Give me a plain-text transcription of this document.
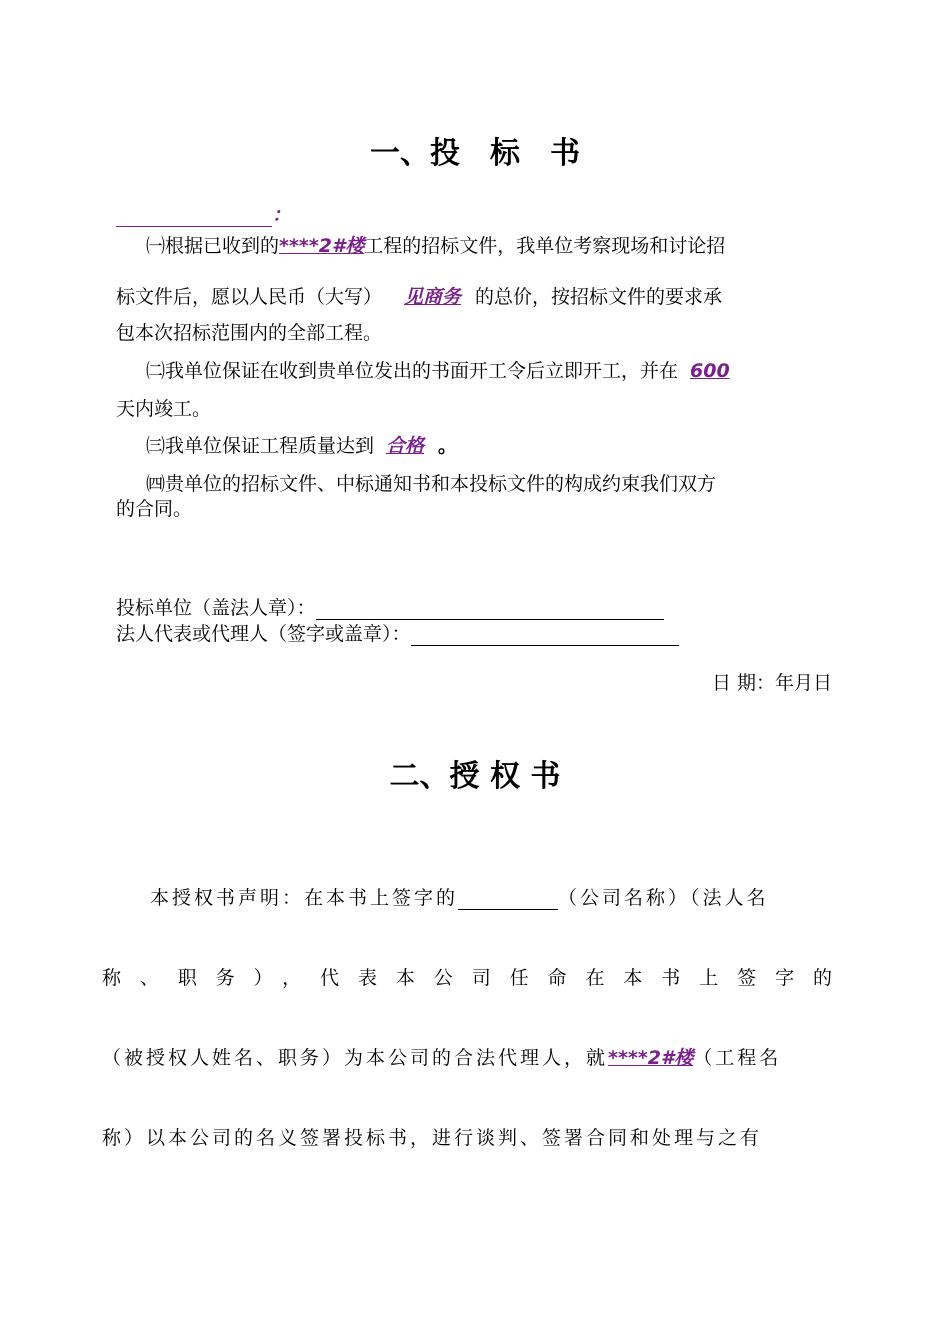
一、投　标　书
：
㈠根据已收到的****2#楼工程的招标文件，我单位考察现场和讨论招
标文件后，愿以人民币（大写） 见商务 的总价，按招标文件的要求承
包本次招标范围内的全部工程。
㈡我单位保证在收到贵单位发出的书面开工令后立即开工，并在 600
天内竣工。
㈢我单位保证工程质量达到 合格 。
㈣贵单位的招标文件、中标通知书和本投标文件的构成约束我们双方
的合同。
投标单位（盖法人章）：
法人代表或代理人（签字或盖章）：
日 期：年月日
二、授 权 书
本授权书声明：在本书上签字的	（公司名称）（法人名
称、职务），代表本公司任命在本书上签字的
（被授权人姓名、职务）为本公司的合法代理人，就****2#楼（工程名
称）以本公司的名义签署投标书，进行谈判、签署合同和处理与之有
